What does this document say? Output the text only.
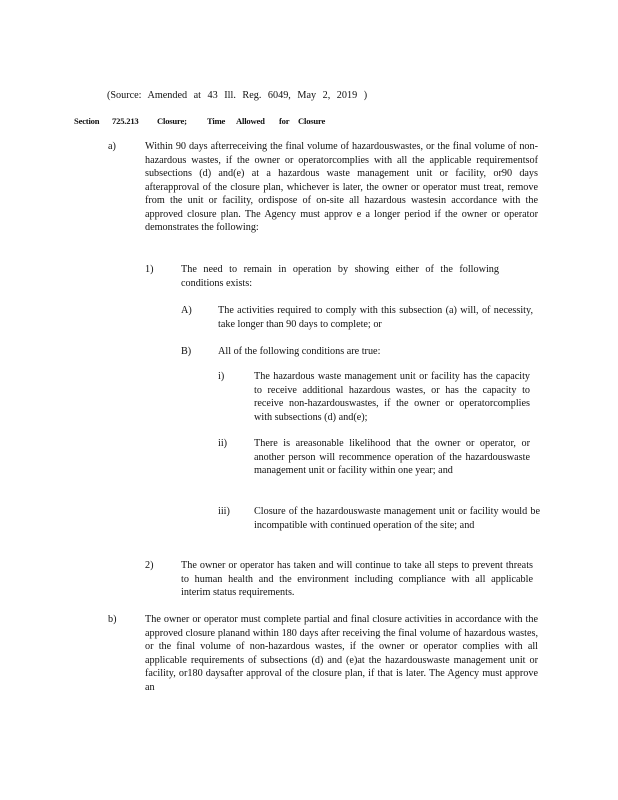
(Source: Amended at 43 Ill. Reg. 6049, May 2, 2019 )
Section 725.213 Closure; Time Allowed for Closure
a)	Within 90 days afterreceiving the final volume of hazardouswastes, or the final volume of non-hazardous wastes, if the owner or operatorcomplies with all the applicable requirementsof subsections (d) and(e) at a hazardous waste management unit or facility, or90 days afterapproval of the closure plan, whichever is later, the owner or operator must treat, remove from the unit or facility, ordispose of on-site all hazardous wastesin accordance with the approved closure plan. The Agency must approv e a longer period if the owner or operator demonstrates the following:
1)	The need to remain in operation by showing either of the following conditions exists:
A)	The activities required to comply with this subsection (a) will, of necessity, take longer than 90 days to complete; or
B)	All of the following conditions are true:
i)	The hazardous waste management unit or facility has the capacity to receive additional hazardous wastes, or has the capacity to receive non-hazardouswastes, if the owner or operatorcomplies with subsections (d) and(e);
ii)	There is areasonable likelihood that the owner or operator, or another person will recommence operation of the hazardouswaste management unit or facility within one year; and
iii) Closure of the hazardouswaste management unit or facility would be incompatible with continued operation of the site; and
2)	The owner or operator has taken and will continue to take all steps to prevent threats to human health and the environment including compliance with all applicable interim status requirements.
b)	The owner or operator must complete partial and final closure activities in accordance with the approved closure planand within 180 days after receiving the final volume of hazardous wastes, or the final volume of non-hazardous wastes, if the owner or operator complies with all applicable requirements of subsections (d) and (e)at the hazardouswaste management unit or facility, or180 daysafter approval of the closure plan, if that is later. The Agency must approve an
